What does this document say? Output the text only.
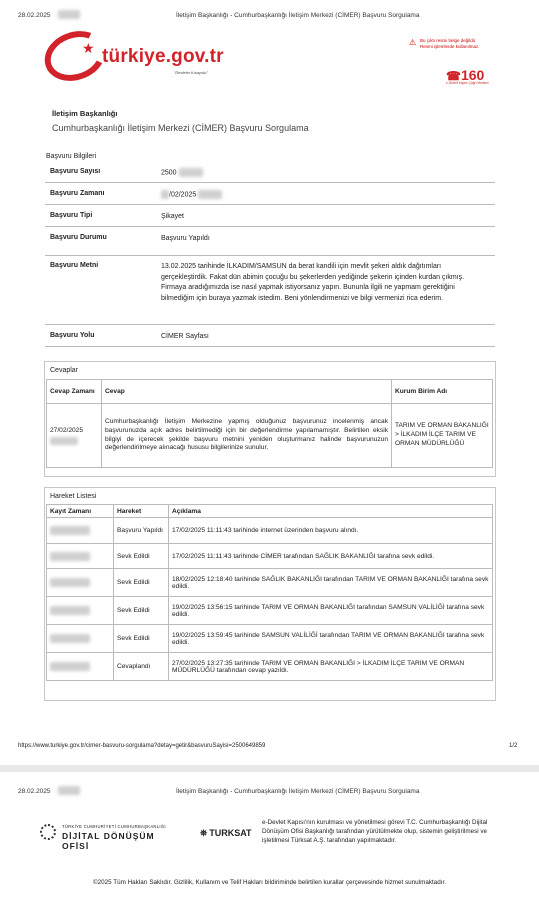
28.02.2025	İletişim Başkanlığı - Cumhurbaşkanlığı İletişim Merkezi (CİMER) Başvuru Sorgulama
★ türkiye.gov.tr
"Devletin Kısayolu"
⚠ Bu çıktı resmi belge değildir.
Resmi işlemlerde kullanılmaz.
☎160
e-Devlet Kapısı Çağrı Merkezi
İletişim Başkanlığı
Cumhurbaşkanlığı İletişim Merkezi (CİMER) Başvuru Sorgulama
Başvuru Bilgileri
Başvuru Sayısı	2500
Başvuru Zamanı	/02/2025
Başvuru Tipi	Şikayet
Başvuru Durumu	Başvuru Yapıldı
Başvuru Metni	13.02.2025 tarihinde İLKADIM/SAMSUN da berat kandili için mevlit şekeri aldık dağıtımları gerçekleştirdik. Fakat dün abimin çocuğu bu şekerlerden yediğinde şekerin içinden kurdan çıkmış. Firmaya aradığımızda ise nasıl yapmak istiyorsanız yapın. Bununla ilgili ne yapmam gerektiğini bilmediğim için buraya yazmak istedim. Beni yönlendirmenizi ve bilgi vermenizi rica ederim.
Başvuru Yolu	CİMER Sayfası
Cevaplar
Cevap Zamanı	Cevap	Kurum Birim Adı
27/02/2025	Cumhurbaşkanlığı İletişim Merkezine yapmış olduğunuz başvurunuz incelenmiş ancak başvurunuzda açık adres belirtilmediği için bir değerlendirme yapılamamıştır. Belirtilen eksik bilgiyi de içerecek şekilde başvuru metnini yeniden oluşturmanız halinde başvurunuzun değerlendirilmeye alınacağı hususu bilgilerinize sunulur.	TARIM VE ORMAN BAKANLIĞI > İLKADIM İLÇE TARIM VE ORMAN MÜDÜRLÜĞÜ
Hareket Listesi
Kayıt Zamanı	Hareket	Açıklama
	Başvuru Yapıldı	17/02/2025 11:11:43 tarihinde internet üzerinden başvuru alındı.
	Sevk Edildi	17/02/2025 11:11:43 tarihinde CİMER tarafından SAĞLIK BAKANLIĞI tarafına sevk edildi.
	Sevk Edildi	18/02/2025 12:18:40 tarihinde SAĞLIK BAKANLIĞI tarafından TARIM VE ORMAN BAKANLIĞI tarafına sevk edildi.
	Sevk Edildi	19/02/2025 13:56:15 tarihinde TARIM VE ORMAN BAKANLIĞI tarafından SAMSUN VALİLİĞİ tarafına sevk edildi.
	Sevk Edildi	19/02/2025 13:59:45 tarihinde SAMSUN VALİLİĞİ tarafından TARIM VE ORMAN BAKANLIĞI tarafına sevk edildi.
	Cevaplandı	27/02/2025 13:27:35 tarihinde TARIM VE ORMAN BAKANLIĞI > İLKADIM İLÇE TARIM VE ORMAN MÜDÜRLÜĞÜ tarafından cevap yazıldı.
https://www.turkiye.gov.tr/cimer-basvuru-sorgulama?detay=getir&basvuruSayisi=2500649859	1/2
28.02.2025	İletişim Başkanlığı - Cumhurbaşkanlığı İletişim Merkezi (CİMER) Başvuru Sorgulama
TÜRKİYE CUMHURİYETİ CUMHURBAŞKANLIĞI
DİJİTAL DÖNÜŞÜM OFİSİ
⛯ TURKSAT
e-Devlet Kapısı'nın kurulması ve yönetilmesi görevi T.C. Cumhurbaşkanlığı Dijital Dönüşüm Ofisi Başkanlığı tarafından yürütülmekte olup, sistemin geliştirilmesi ve işletilmesi Türksat A.Ş. tarafından yapılmaktadır.
©2025 Tüm Hakları Saklıdır. Gizlilik, Kullanım ve Telif Hakları bildiriminde belirtilen kurallar çerçevesinde hizmet sunulmaktadır.
